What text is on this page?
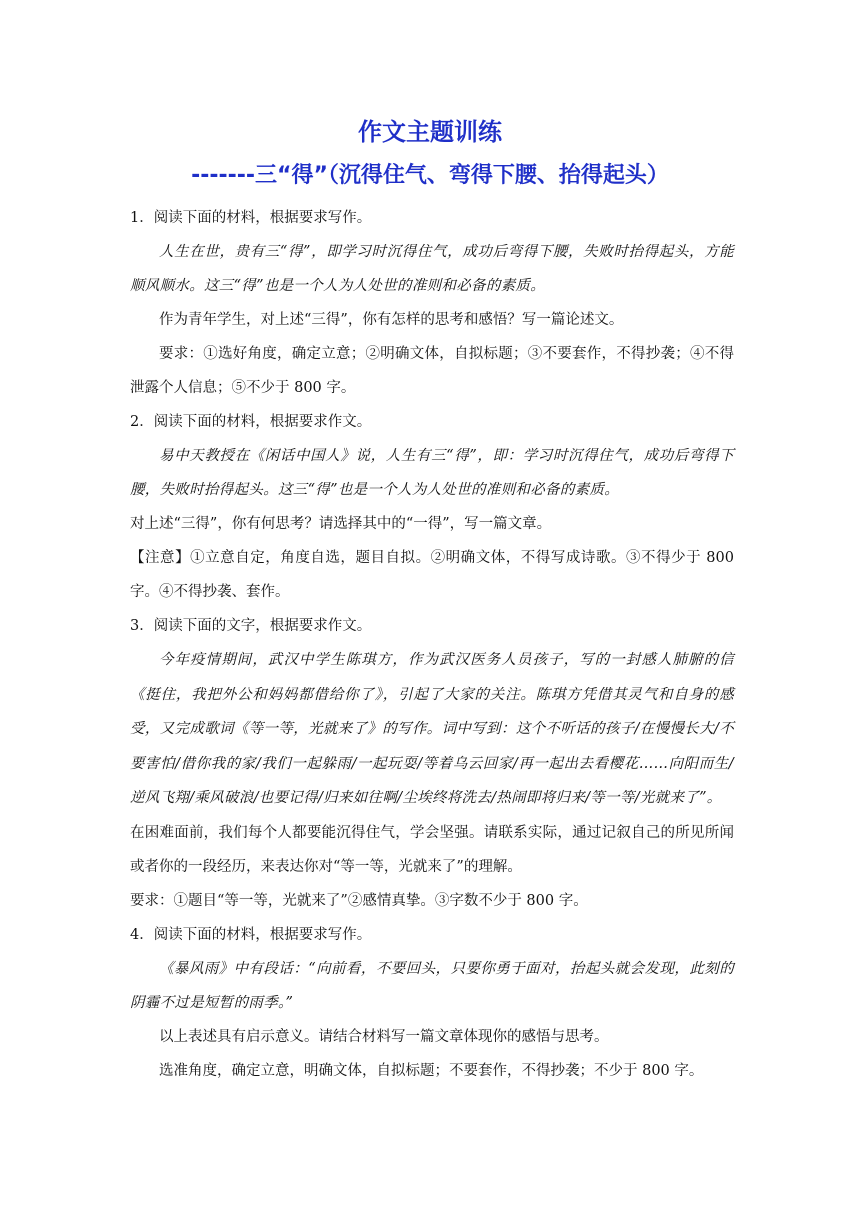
作文主题训练
-------三“得”（沉得住气、弯得下腰、抬得起头）

1．阅读下面的材料，根据要求写作。

人生在世，贵有三“得”，即学习时沉得住气，成功后弯得下腰，失败时抬得起头，方能顺风顺水。这三“得”也是一个人为人处世的准则和必备的素质。

作为青年学生，对上述“三得”，你有怎样的思考和感悟？写一篇论述文。

要求：①选好角度，确定立意；②明确文体，自拟标题；③不要套作，不得抄袭；④不得泄露个人信息；⑤不少于 800 字。

2．阅读下面的材料，根据要求作文。

易中天教授在《闲话中国人》说，人生有三“得”，即：学习时沉得住气，成功后弯得下腰，失败时抬得起头。这三“得”也是一个人为人处世的准则和必备的素质。

对上述“三得”，你有何思考？请选择其中的“一得”，写一篇文章。

【注意】①立意自定，角度自选，题目自拟。②明确文体，不得写成诗歌。③不得少于 800 字。④不得抄袭、套作。

3．阅读下面的文字，根据要求作文。

今年疫情期间，武汉中学生陈琪方，作为武汉医务人员孩子，写的一封感人肺腑的信《挺住，我把外公和妈妈都借给你了》，引起了大家的关注。陈琪方凭借其灵气和自身的感受，又完成歌词《等一等，光就来了》的写作。词中写到：这个不听话的孩子/在慢慢长大/不要害怕/借你我的家/我们一起躲雨/一起玩耍/等着乌云回家/再一起出去看樱花……向阳而生/逆风飞翔/乘风破浪/也要记得/归来如往啊/尘埃终将洗去/热闹即将归来/等一等/光就来了”。

在困难面前，我们每个人都要能沉得住气，学会坚强。请联系实际，通过记叙自己的所见所闻或者你的一段经历，来表达你对“等一等，光就来了”的理解。

要求：①题目“等一等，光就来了”②感情真挚。③字数不少于 800 字。

4．阅读下面的材料，根据要求写作。

《暴风雨》中有段话：“向前看，不要回头，只要你勇于面对，抬起头就会发现，此刻的阴霾不过是短暂的雨季。”

以上表述具有启示意义。请结合材料写一篇文章体现你的感悟与思考。

选准角度，确定立意，明确文体，自拟标题；不要套作，不得抄袭；不少于 800 字。
